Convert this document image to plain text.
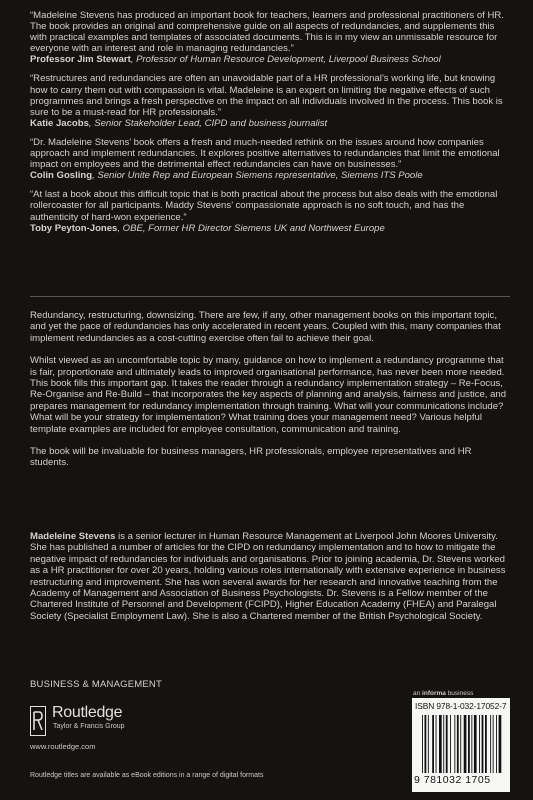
“Madeleine Stevens has produced an important book for teachers, learners and professional practitioners of HR. The book provides an original and comprehensive guide on all aspects of redundancies, and supplements this with practical examples and templates of associated documents. This is in my view an unmissable resource for everyone with an interest and role in managing redundancies.”
Professor Jim Stewart, Professor of Human Resource Development, Liverpool Business School

“Restructures and redundancies are often an unavoidable part of a HR professional’s working life, but knowing how to carry them out with compassion is vital. Madeleine is an expert on limiting the negative effects of such programmes and brings a fresh perspective on the impact on all individuals involved in the process. This book is sure to be a must-read for HR professionals.”
Katie Jacobs, Senior Stakeholder Lead, CIPD and business journalist

“Dr. Madeleine Stevens’ book offers a fresh and much-needed rethink on the issues around how companies approach and implement redundancies. It explores positive alternatives to redundancies that limit the emotional impact on employees and the detrimental effect redundancies can have on businesses.”
Colin Gosling, Senior Unite Rep and European Siemens representative, Siemens ITS Poole

“At last a book about this difficult topic that is both practical about the process but also deals with the emotional rollercoaster for all participants. Maddy Stevens’ compassionate approach is no soft touch, and has the authenticity of hard-won experience.”
Toby Peyton-Jones, OBE, Former HR Director Siemens UK and Northwest Europe

Redundancy, restructuring, downsizing. There are few, if any, other management books on this important topic, and yet the pace of redundancies has only accelerated in recent years. Coupled with this, many companies that implement redundancies as a cost-cutting exercise often fail to achieve their goal.

Whilst viewed as an uncomfortable topic by many, guidance on how to implement a redundancy programme that is fair, proportionate and ultimately leads to improved organisational performance, has never been more needed. This book fills this important gap. It takes the reader through a redundancy implementation strategy – Re-Focus, Re-Organise and Re-Build – that incorporates the key aspects of planning and analysis, fairness and justice, and prepares management for redundancy implementation through training. What will your communications include? What will be your strategy for implementation? What training does your management need? Various helpful template examples are included for employee consultation, communication and training.

The book will be invaluable for business managers, HR professionals, employee representatives and HR students.

Madeleine Stevens is a senior lecturer in Human Resource Management at Liverpool John Moores University. She has published a number of articles for the CIPD on redundancy implementation and to how to mitigate the negative impact of redundancies for individuals and organisations. Prior to joining academia, Dr. Stevens worked as a HR practitioner for over 20 years, holding various roles internationally with extensive experience in business restructuring and improvement. She has won several awards for her research and innovative teaching from the Academy of Management and Association of Business Psychologists. Dr. Stevens is a Fellow member of the Chartered Institute of Personnel and Development (FCIPD), Higher Education Academy (FHEA) and Paralegal Society (Specialist Employment Law). She is also a Chartered member of the British Psychological Society.

BUSINESS & MANAGEMENT
Routledge
Taylor & Francis Group
www.routledge.com
Routledge titles are available as eBook editions in a range of digital formats
an informa business
ISBN 978-1-032-17052-7
9 781032 1705
